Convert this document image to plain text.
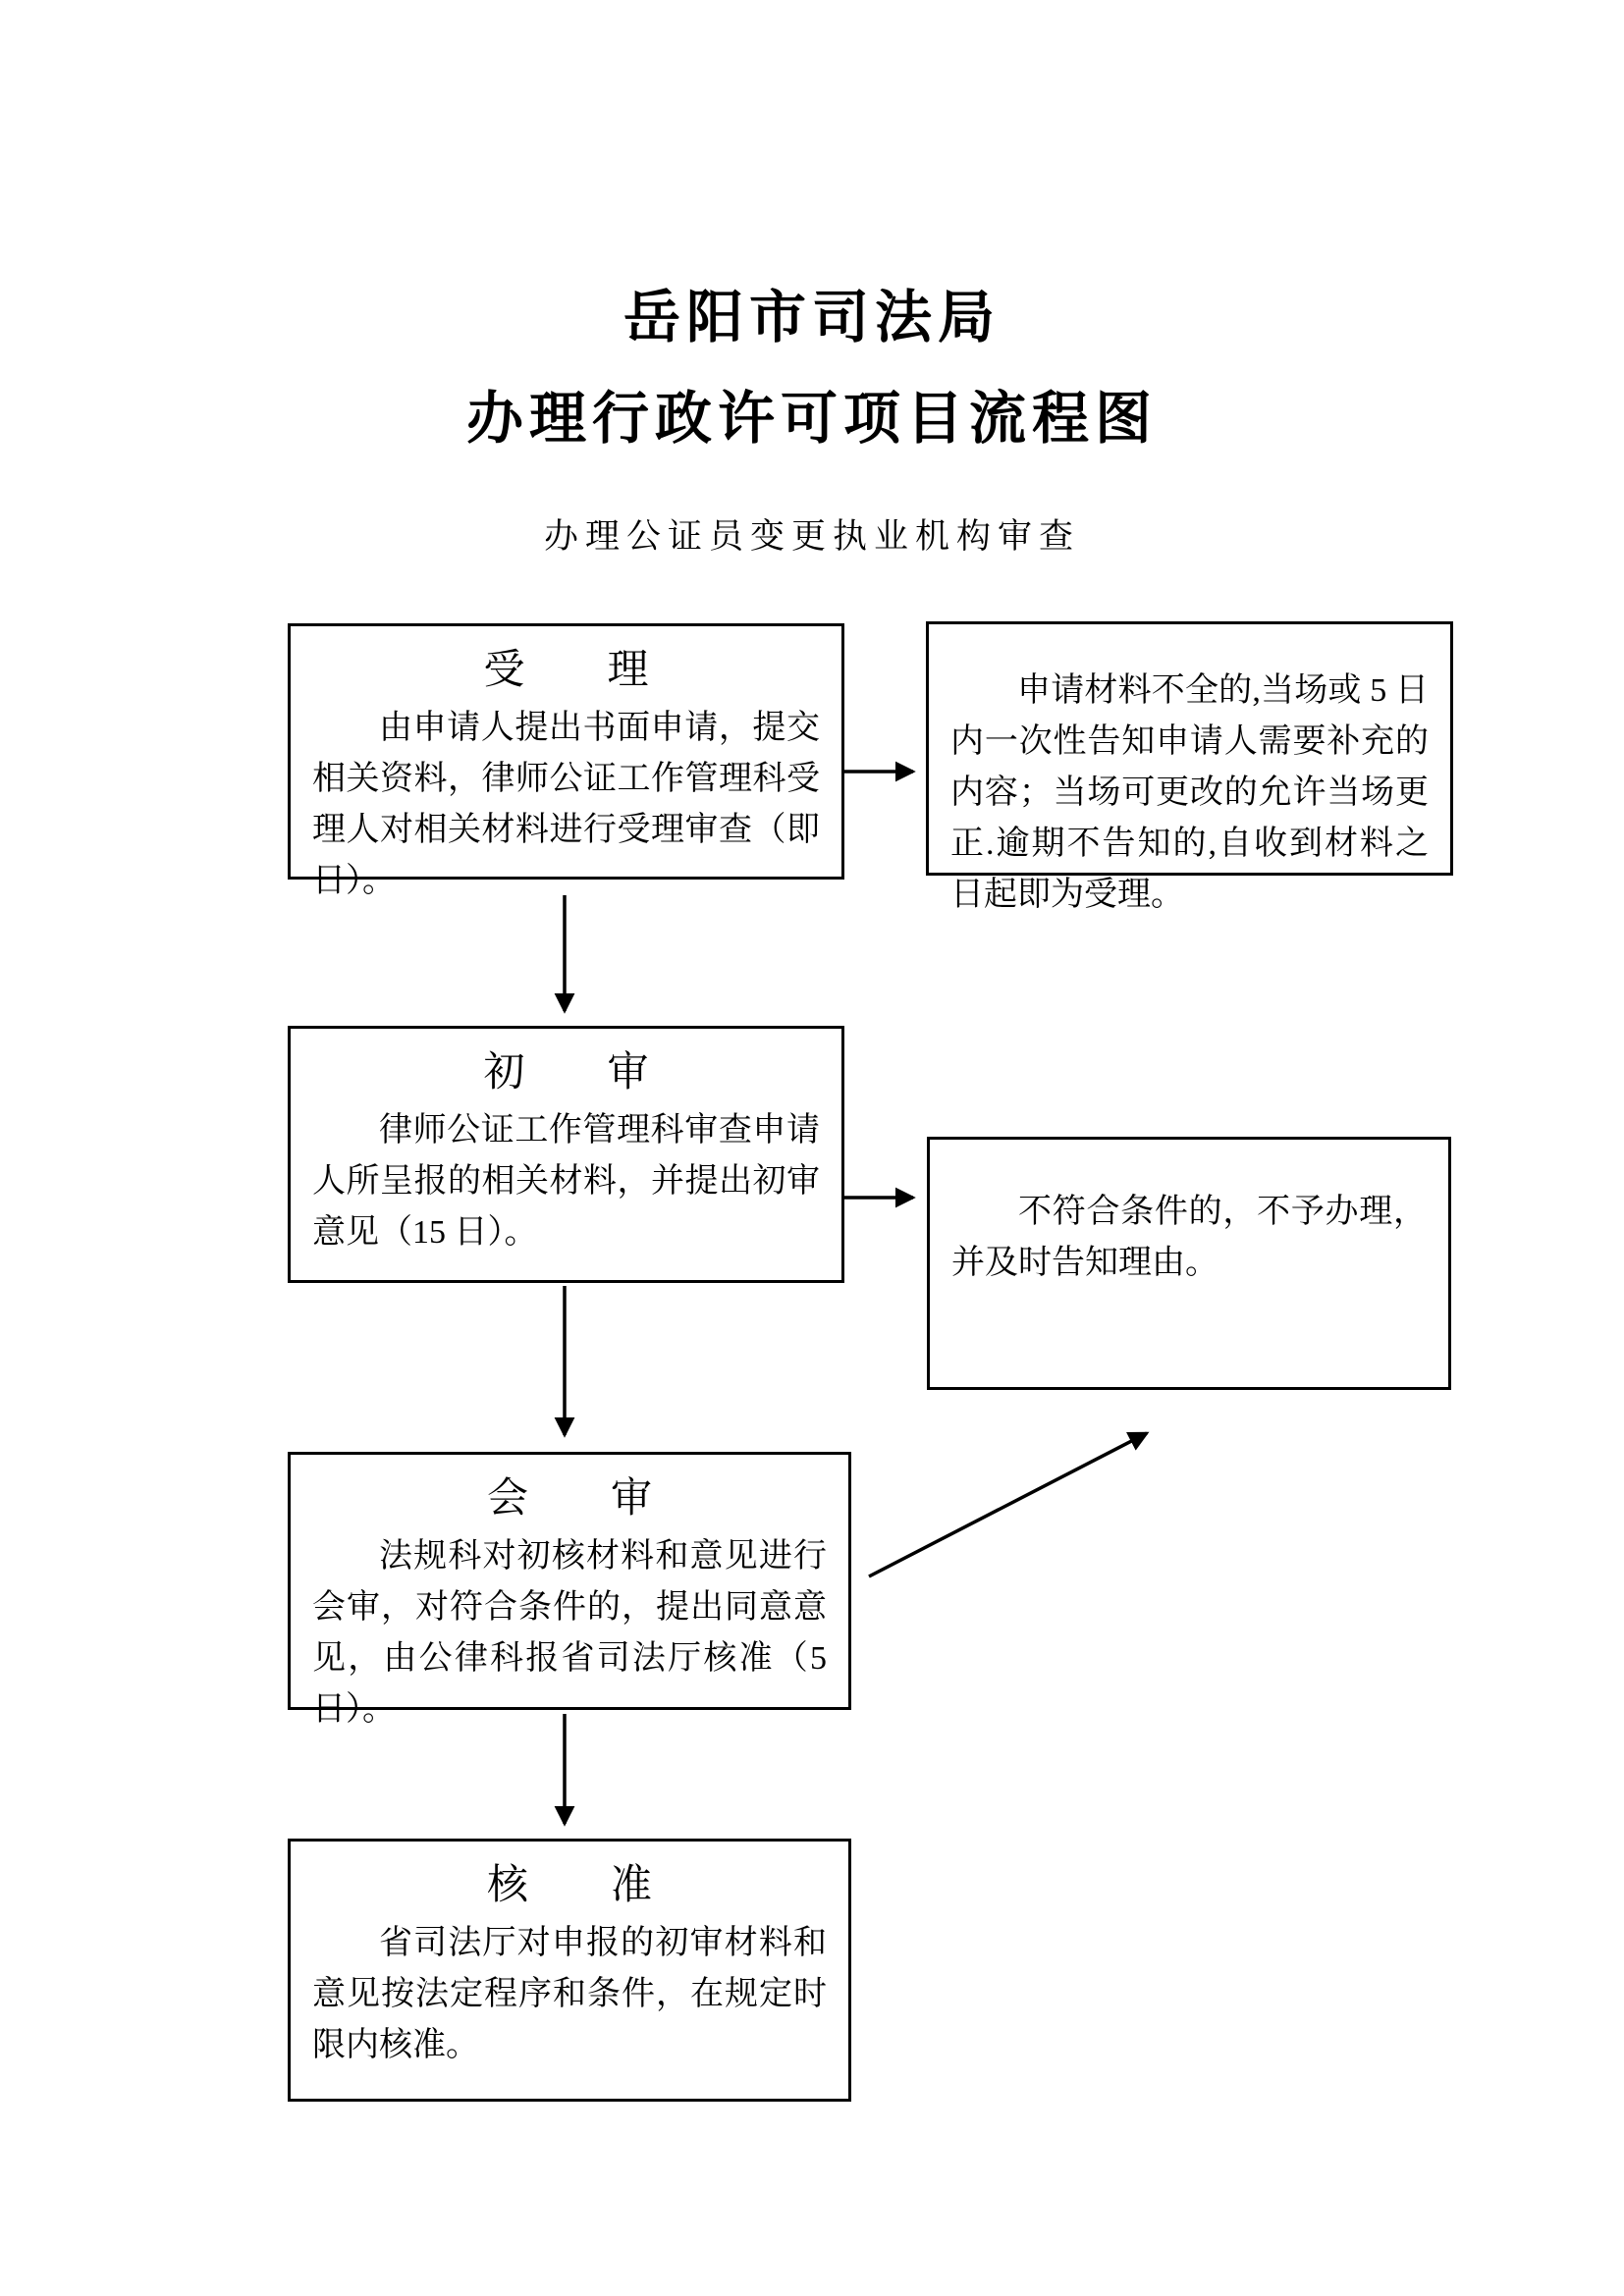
岳阳市司法局
办理行政许可项目流程图
办理公证员变更执业机构审查
受　　理
由申请人提出书面申请，提交相关资料，律师公证工作管理科受理人对相关材料进行受理审查（即日）。
申请材料不全的,当场或 5 日内一次性告知申请人需要补充的内容；当场可更改的允许当场更正.逾期不告知的,自收到材料之日起即为受理。
初　　审
律师公证工作管理科审查申请人所呈报的相关材料，并提出初审意见（15 日）。
不符合条件的，不予办理，并及时告知理由。
会　　审
法规科对初核材料和意见进行会审，对符合条件的，提出同意意见，由公律科报省司法厅核准（5 日）。
核　　准
省司法厅对申报的初审材料和意见按法定程序和条件，在规定时限内核准。
